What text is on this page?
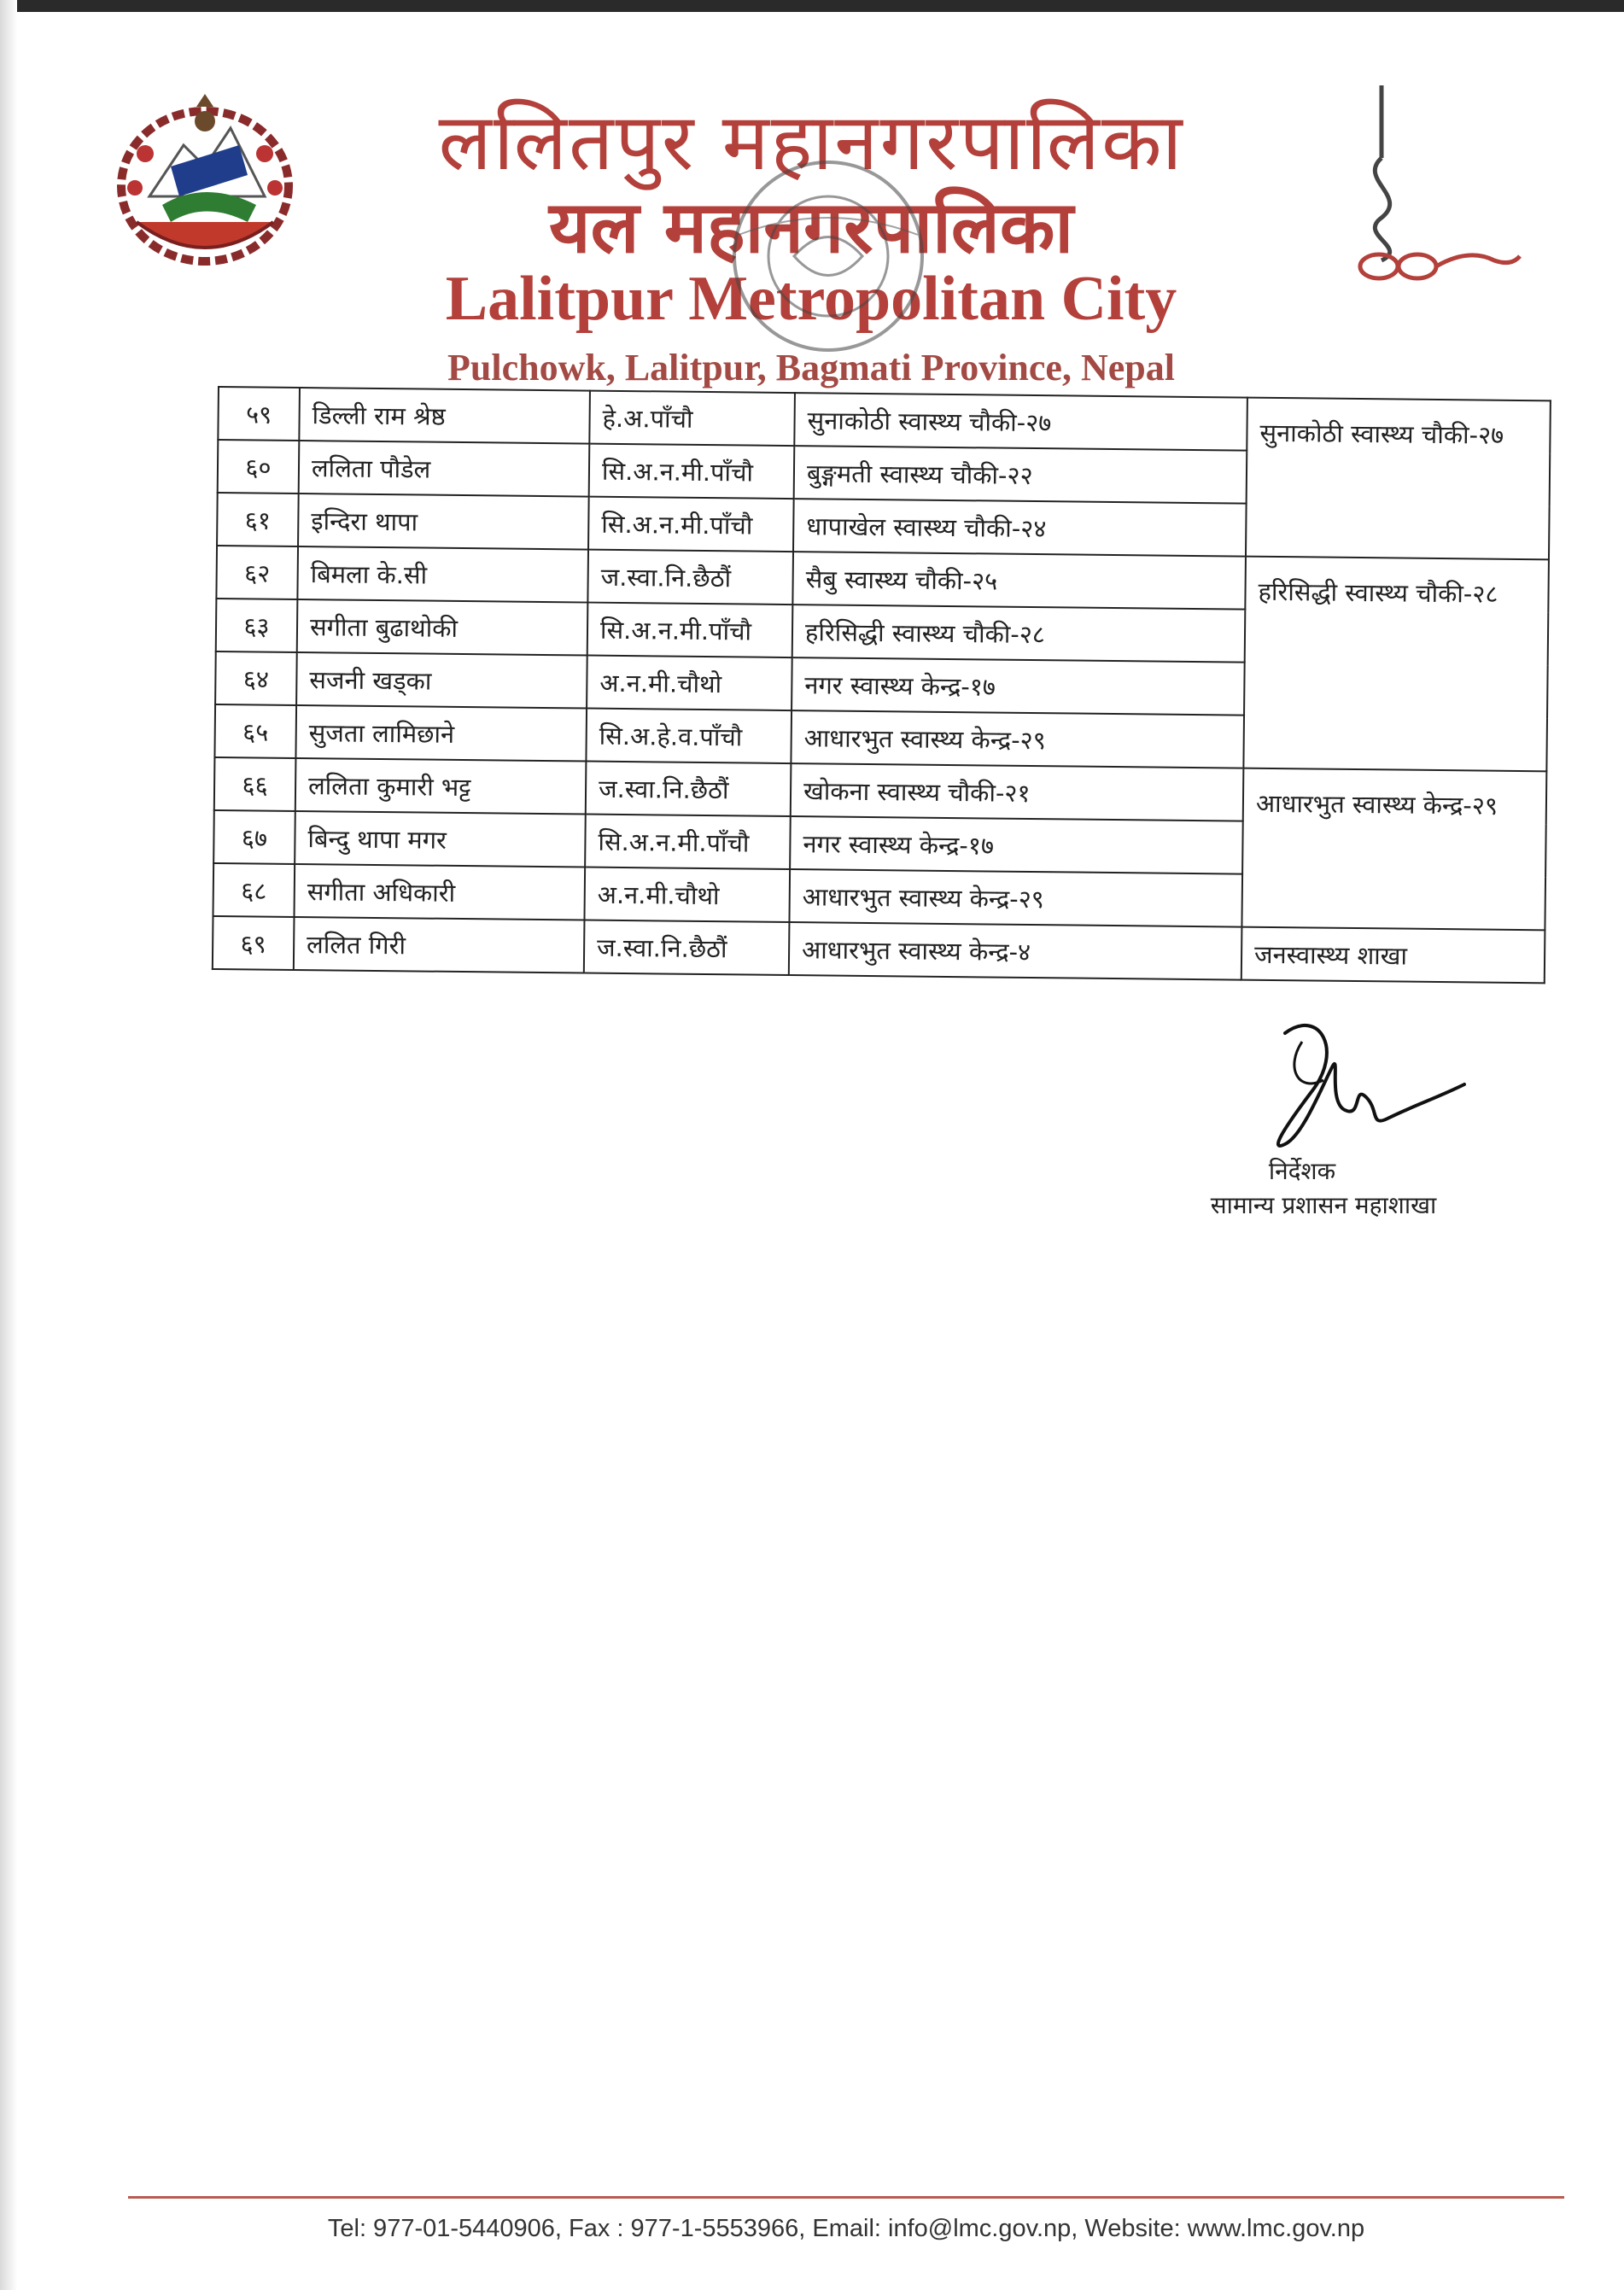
ललितपुर महानगरपालिका
यल महानगरपालिका
Lalitpur Metropolitan City

Pulchowk, Lalitpur, Bagmati Province, Nepal

५९	डिल्ली राम श्रेष्ठ	हे.अ.पाँचौ	सुनाकोठी स्वास्थ्य चौकी-२७	सुनाकोठी स्वास्थ्य चौकी-२७
६०	ललिता पौडेल	सि.अ.न.मी.पाँचौ	बुङ्गमती स्वास्थ्य चौकी-२२	
६१	इन्दिरा थापा	सि.अ.न.मी.पाँचौ	धापाखेल स्वास्थ्य चौकी-२४	
६२	बिमला के.सी	ज.स्वा.नि.छैठौं	सैबु स्वास्थ्य चौकी-२५	हरिसिद्धी स्वास्थ्य चौकी-२८
६३	सगीता बुढाथोकी	सि.अ.न.मी.पाँचौ	हरिसिद्धी स्वास्थ्य चौकी-२८	
६४	सजनी खड्का	अ.न.मी.चौथो	नगर स्वास्थ्य केन्द्र-१७	
६५	सुजता लामिछाने	सि.अ.हे.व.पाँचौ	आधारभुत स्वास्थ्य केन्द्र-२९	
६६	ललिता कुमारी भट्ट	ज.स्वा.नि.छैठौं	खोकना स्वास्थ्य चौकी-२१	आधारभुत स्वास्थ्य केन्द्र-२९
६७	बिन्दु थापा मगर	सि.अ.न.मी.पाँचौ	नगर स्वास्थ्य केन्द्र-१७	
६८	सगीता अधिकारी	अ.न.मी.चौथो	आधारभुत स्वास्थ्य केन्द्र-२९	
६९	ललित गिरी	ज.स्वा.नि.छैठौं	आधारभुत स्वास्थ्य केन्द्र-४	जनस्वास्थ्य शाखा

निर्देशक

सामान्य प्रशासन महाशाखा

Tel: 977-01-5440906, Fax : 977-1-5553966, Email: info@lmc.gov.np, Website: www.lmc.gov.np
